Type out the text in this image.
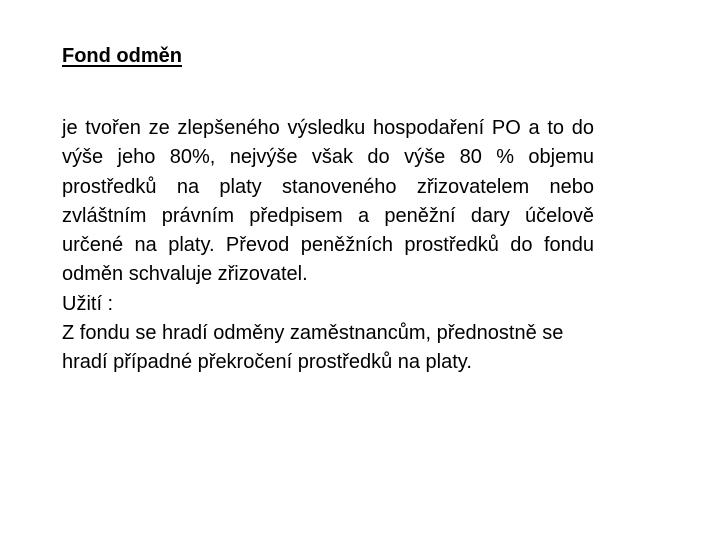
Fond odměn

je tvořen ze zlepšeného výsledku hospodaření PO a to do výše jeho 80%, nejvýše však do výše 80 % objemu prostředků na platy stanoveného zřizovatelem nebo zvláštním právním předpisem a peněžní dary účelově určené na platy. Převod peněžních prostředků do fondu odměn schvaluje zřizovatel.

Užití :

Z fondu se hradí odměny zaměstnancům, přednostně se hradí případné překročení prostředků na platy.
